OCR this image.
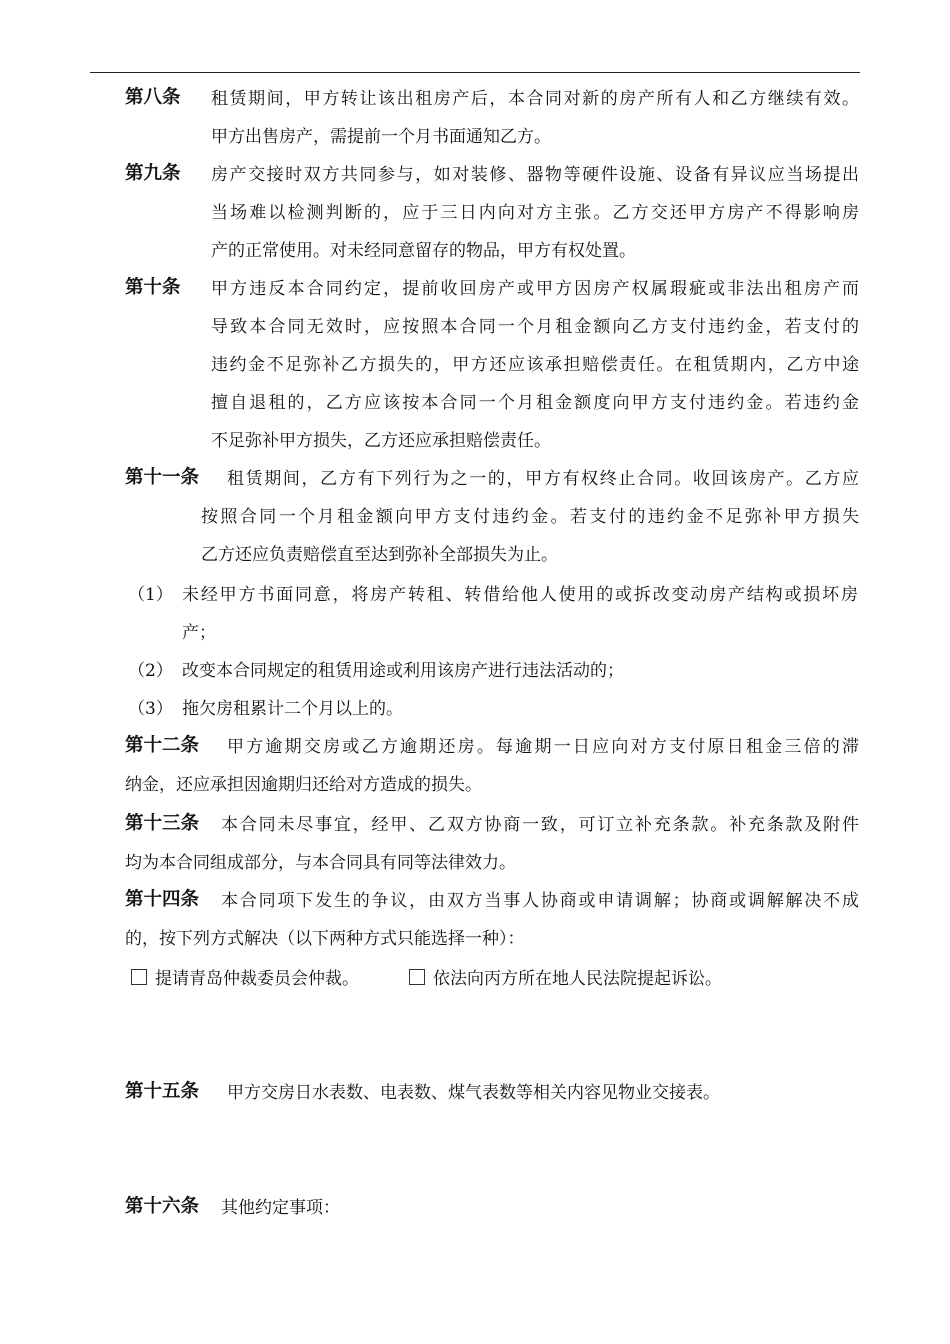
第八条 租赁期间，甲方转让该出租房产后，本合同对新的房产所有人和乙方继续有效。
甲方出售房产，需提前一个月书面通知乙方。
第九条 房产交接时双方共同参与，如对装修、器物等硬件设施、设备有异议应当场提出
当场难以检测判断的，应于三日内向对方主张。乙方交还甲方房产不得影响房
产的正常使用。对未经同意留存的物品，甲方有权处置。
第十条 甲方违反本合同约定，提前收回房产或甲方因房产权属瑕疵或非法出租房产而
导致本合同无效时，应按照本合同一个月租金额向乙方支付违约金，若支付的
违约金不足弥补乙方损失的，甲方还应该承担赔偿责任。在租赁期内，乙方中途
擅自退租的，乙方应该按本合同一个月租金额度向甲方支付违约金。若违约金
不足弥补甲方损失，乙方还应承担赔偿责任。
第十一条 租赁期间，乙方有下列行为之一的，甲方有权终止合同。收回该房产。乙方应
按照合同一个月租金额向甲方支付违约金。若支付的违约金不足弥补甲方损失
乙方还应负责赔偿直至达到弥补全部损失为止。
（1） 未经甲方书面同意，将房产转租、转借给他人使用的或拆改变动房产结构或损坏房
产；
（2） 改变本合同规定的租赁用途或利用该房产进行违法活动的；
（3） 拖欠房租累计二个月以上的。
第十二条 甲方逾期交房或乙方逾期还房。每逾期一日应向对方支付原日租金三倍的滞
纳金，还应承担因逾期归还给对方造成的损失。
第十三条 本合同未尽事宜，经甲、乙双方协商一致，可订立补充条款。补充条款及附件
均为本合同组成部分，与本合同具有同等法律效力。
第十四条 本合同项下发生的争议，由双方当事人协商或申请调解；协商或调解解决不成
的，按下列方式解决（以下两种方式只能选择一种）：
提请青岛仲裁委员会仲裁。	依法向丙方所在地人民法院提起诉讼。
第十五条 甲方交房日水表数、电表数、煤气表数等相关内容见物业交接表。
第十六条 其他约定事项：
